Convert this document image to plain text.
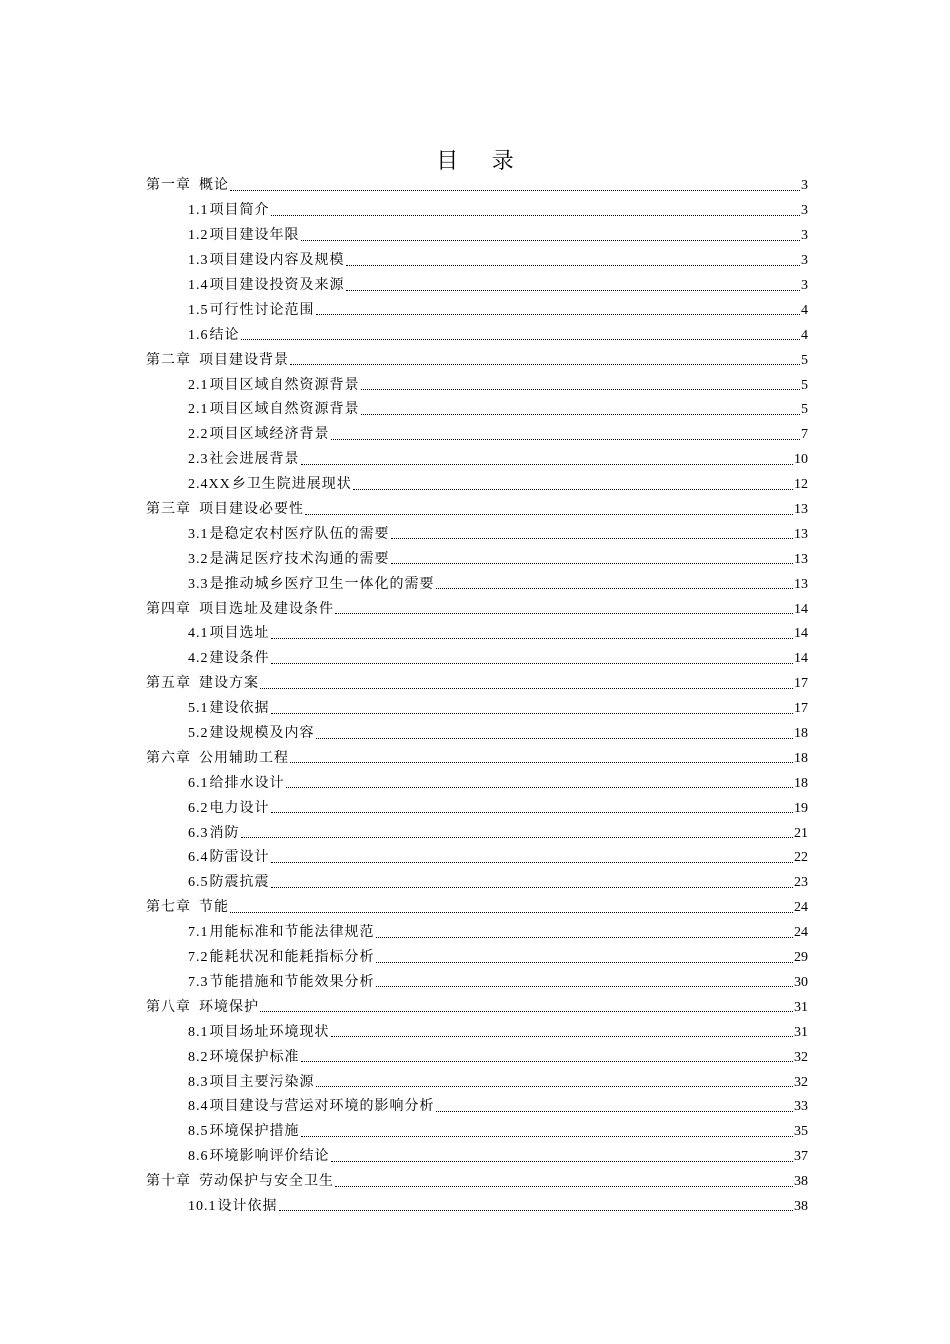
目 录
第一章 概论	3
1.1项目简介	3
1.2项目建设年限	3
1.3项目建设内容及规模	3
1.4项目建设投资及来源	3
1.5可行性讨论范围	4
1.6结论	4
第二章 项目建设背景	5
2.1项目区域自然资源背景	5
2.1项目区域自然资源背景	5
2.2项目区域经济背景	7
2.3社会进展背景	10
2.4XX乡卫生院进展现状	12
第三章 项目建设必要性	13
3.1是稳定农村医疗队伍的需要	13
3.2是满足医疗技术沟通的需要	13
3.3是推动城乡医疗卫生一体化的需要	13
第四章 项目选址及建设条件	14
4.1项目选址	14
4.2建设条件	14
第五章 建设方案	17
5.1建设依据	17
5.2建设规模及内容	18
第六章 公用辅助工程	18
6.1给排水设计	18
6.2电力设计	19
6.3消防	21
6.4防雷设计	22
6.5防震抗震	23
第七章 节能	24
7.1用能标准和节能法律规范	24
7.2能耗状况和能耗指标分析	29
7.3节能措施和节能效果分析	30
第八章 环境保护	31
8.1项目场址环境现状	31
8.2环境保护标准	32
8.3项目主要污染源	32
8.4项目建设与营运对环境的影响分析	33
8.5环境保护措施	35
8.6环境影响评价结论	37
第十章 劳动保护与安全卫生	38
10.1设计依据	38
